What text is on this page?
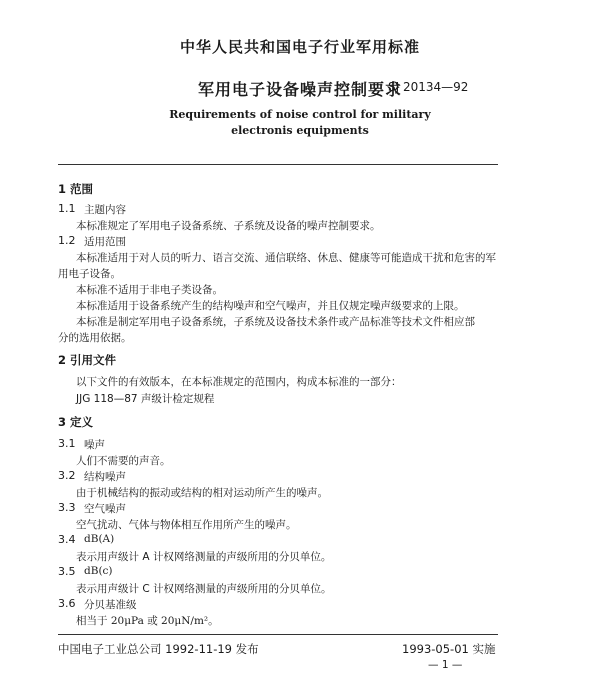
中华人民共和国电子行业军用标准
军用电子设备噪声控制要求
SJ 20134—92
Requirements of noise control for military
electronis equipments
1 范围
1.1 主题内容
本标准规定了军用电子设备系统、子系统及设备的噪声控制要求。
1.2 适用范围
本标准适用于对人员的听力、语言交流、通信联络、休息、健康等可能造成干扰和危害的军
用电子设备。
本标准不适用于非电子类设备。
本标准适用于设备系统产生的结构噪声和空气噪声，并且仅规定噪声级要求的上限。
本标准是制定军用电子设备系统，子系统及设备技术条件或产品标准等技术文件相应部
分的选用依据。
2 引用文件
以下文件的有效版本，在本标准规定的范围内，构成本标准的一部分：
JJG 118—87 声级计检定规程
3 定义
3.1 噪声
人们不需要的声音。
3.2 结构噪声
由于机械结构的振动或结构的相对运动所产生的噪声。
3.3 空气噪声
空气扰动、气体与物体相互作用所产生的噪声。
3.4 dB(A)
表示用声级计 A 计权网络测量的声级所用的分贝单位。
3.5 dB(c)
表示用声级计 C 计权网络测量的声级所用的分贝单位。
3.6 分贝基准级
相当于 20μPa 或 20μN/m²。
中国电子工业总公司 1992-11-19 发布	1993-05-01 实施
— 1 —
